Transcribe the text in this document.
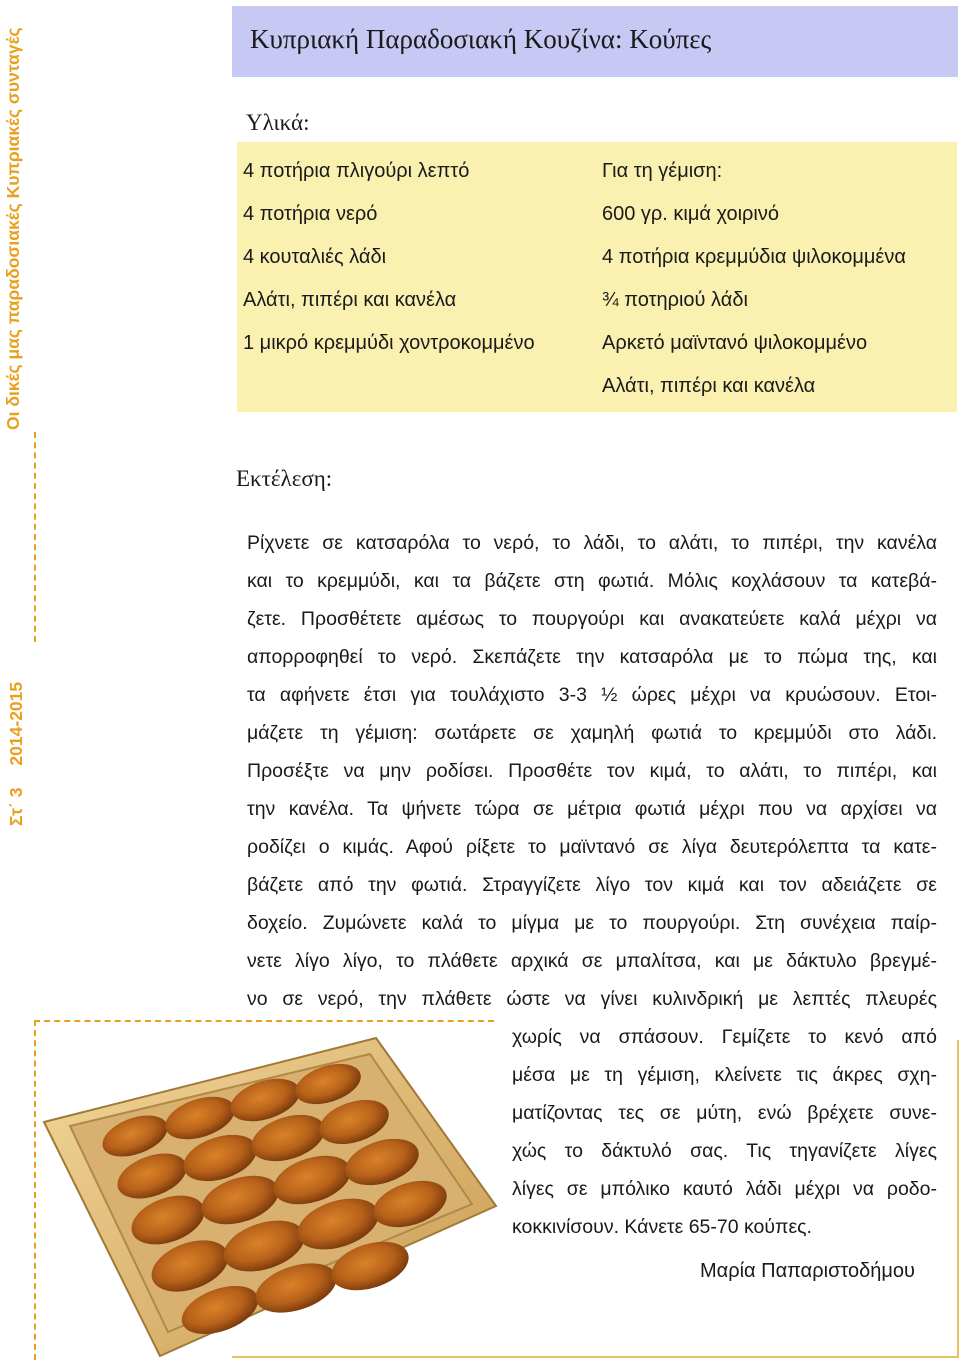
Οι δικές μας παραδοσιακές Κυπριακές συνταγές
Στ΄ 32014-2015
Κυπριακή Παραδοσιακή Κουζίνα: Κούπες
Υλικά:
4 ποτήρια πλιγούρι λεπτό
4 ποτήρια νερό
4 κουταλιές λάδι
Αλάτι, πιπέρι και κανέλα
1 μικρό κρεμμύδι χοντροκομμένο
Για τη γέμιση:
600 γρ. κιμά χοιρινό
4 ποτήρια κρεμμύδια ψιλοκομμένα
¾ ποτηριού λάδι
Αρκετό μαϊντανό ψιλοκομμένο
Αλάτι, πιπέρι και κανέλα
Εκτέλεση:
Ρίχνετε σε κατσαρόλα το νερό, το λάδι, το αλάτι, το πιπέρι, την κανέλα
και το κρεμμύδι, και τα βάζετε στη φωτιά. Μόλις κοχλάσουν τα κατεβά-
ζετε. Προσθέτετε αμέσως το πουργούρι και ανακατεύετε καλά μέχρι να
απορροφηθεί το νερό. Σκεπάζετε την κατσαρόλα με το πώμα της, και
τα αφήνετε έτσι για τουλάχιστο 3-3 ½ ώρες μέχρι να κρυώσουν. Ετοι-
μάζετε τη γέμιση: σωτάρετε σε χαμηλή φωτιά το κρεμμύδι στο λάδι.
Προσέξτε να μην ροδίσει. Προσθέτε τον κιμά, το αλάτι, το πιπέρι, και
την κανέλα. Τα ψήνετε τώρα σε μέτρια φωτιά μέχρι που να αρχίσει να
ροδίζει ο κιμάς. Αφού ρίξετε το μαϊντανό σε λίγα δευτερόλεπτα τα κατε-
βάζετε από την φωτιά. Στραγγίζετε λίγο τον κιμά και τον αδειάζετε σε
δοχείο. Ζυμώνετε καλά το μίγμα με το πουργούρι. Στη συνέχεια παίρ-
νετε λίγο λίγο, το πλάθετε αρχικά σε μπαλίτσα, και με δάκτυλο βρεγμέ-
νο σε νερό, την πλάθετε ώστε να γίνει κυλινδρική με λεπτές πλευρές
χωρίς να σπάσουν. Γεμίζετε το κενό από
μέσα με τη γέμιση, κλείνετε τις άκρες σχη-
ματίζοντας τες σε μύτη, ενώ βρέχετε συνε-
χώς το δάκτυλό σας. Τις τηγανίζετε λίγες
λίγες σε μπόλικο καυτό λάδι μέχρι να ροδο-
κοκκινίσουν. Κάνετε 65-70 κούπες.
Μαρία Παπαριστοδήμου
